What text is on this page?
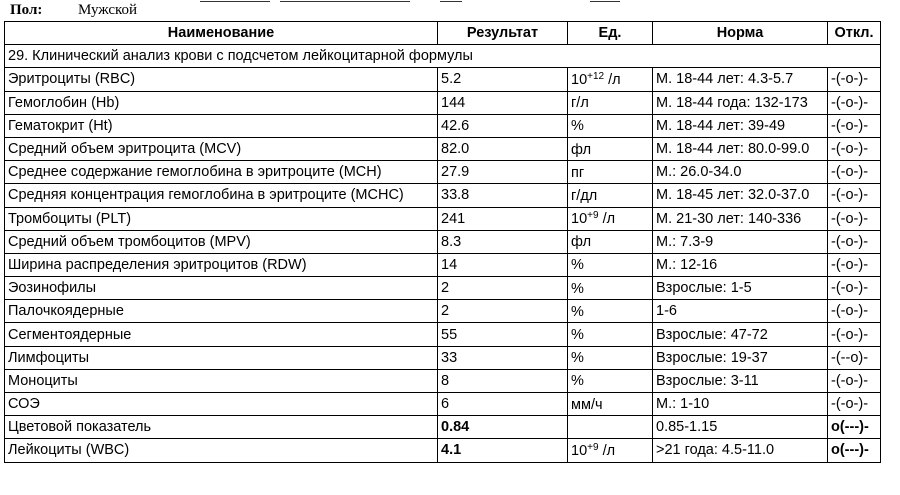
Пол: Мужской
Наименование	Результат	Ед.	Норма	Откл.
29. Клинический анализ крови с подсчетом лейкоцитарной формулы				
Эритроциты (RBC)	5.2	$10^{+12}$ /л	М. 18-44 лет: 4.3-5.7	-(-o-)-
Гемоглобин (Hb)	144	г/л	М. 18-44 года: 132-173	-(-o-)-
Гематокрит (Ht)	42.6	%	М. 18-44 лет: 39-49	-(-o-)-
Средний объем эритроцита (MCV)	82.0	фл	М. 18-44 лет: 80.0-99.0	-(-o-)-
Среднее содержание гемоглобина в эритроците (MCH)	27.9	пг	М.: 26.0-34.0	-(-o-)-
Средняя концентрация гемоглобина в эритроците (MCHC)	33.8	г/дл	М. 18-45 лет: 32.0-37.0	-(-o-)-
Тромбоциты (PLT)	241	$10^{+9}$ /л	М. 21-30 лет: 140-336	-(-o-)-
Средний объем тромбоцитов (MPV)	8.3	фл	М.: 7.3-9	-(-o-)-
Ширина распределения эритроцитов (RDW)	14	%	М.: 12-16	-(-o-)-
Эозинофилы	2	%	Взрослые: 1-5	-(-o-)-
Палочкоядерные	2	%	1-6	-(-o-)-
Сегментоядерные	55	%	Взрослые: 47-72	-(-o-)-
Лимфоциты	33	%	Взрослые: 19-37	-(--o)-
Моноциты	8	%	Взрослые: 3-11	-(-o-)-
СОЭ	6	мм/ч	М.: 1-10	-(-o-)-
Цветовой показатель	0.84		0.85-1.15	o(---)-
Лейкоциты (WBC)	4.1	$10^{+9}$ /л	>21 года: 4.5-11.0	o(---)-
